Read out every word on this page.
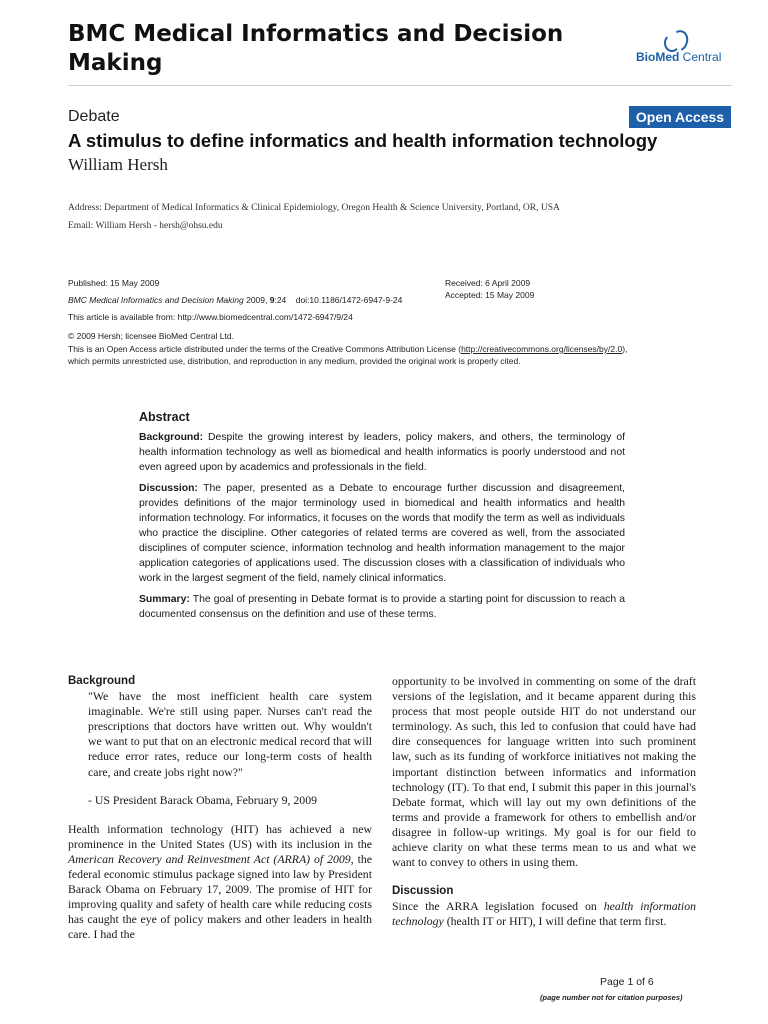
BMC Medical Informatics and Decision Making	BioMed Central
Debate	Open Access
A stimulus to define informatics and health information technology
William Hersh
Address: Department of Medical Informatics & Clinical Epidemiology, Oregon Health & Science University, Portland, OR, USA
Email: William Hersh - hersh@ohsu.edu
Published: 15 May 2009
BMC Medical Informatics and Decision Making 2009, 9:24    doi:10.1186/1472-6947-9-24
Received: 6 April 2009
Accepted: 15 May 2009
This article is available from: http://www.biomedcentral.com/1472-6947/9/24
© 2009 Hersh; licensee BioMed Central Ltd.
This is an Open Access article distributed under the terms of the Creative Commons Attribution License (http://creativecommons.org/licenses/by/2.0),
which permits unrestricted use, distribution, and reproduction in any medium, provided the original work is properly cited.
Abstract

Background: Despite the growing interest by leaders, policy makers, and others, the terminology of health information technology as well as biomedical and health informatics is poorly understood and not even agreed upon by academics and professionals in the field.

Discussion: The paper, presented as a Debate to encourage further discussion and disagreement, provides definitions of the major terminology used in biomedical and health informatics and health information technology. For informatics, it focuses on the words that modify the term as well as individuals who practice the discipline. Other categories of related terms are covered as well, from the associated disciplines of computer science, information technolog and health information management to the major application categories of applications used. The discussion closes with a classification of individuals who work in the largest segment of the field, namely clinical informatics.

Summary: The goal of presenting in Debate format is to provide a starting point for discussion to reach a documented consensus on the definition and use of these terms.

Background

"We have the most inefficient health care system imaginable. We're still using paper. Nurses can't read the prescriptions that doctors have written out. Why wouldn't we want to put that on an electronic medical record that will reduce error rates, reduce our long-term costs of health care, and create jobs right now?"

- US President Barack Obama, February 9, 2009

Health information technology (HIT) has achieved a new prominence in the United States (US) with its inclusion in the American Recovery and Reinvestment Act (ARRA) of 2009, the federal economic stimulus package signed into law by President Barack Obama on February 17, 2009. The promise of HIT for improving quality and safety of health care while reducing costs has caught the eye of policy makers and other leaders in health care. I had the

opportunity to be involved in commenting on some of the draft versions of the legislation, and it became apparent during this process that most people outside HIT do not understand our terminology. As such, this led to confusion that could have had dire consequences for language written into such prominent law, such as its funding of workforce initiatives not making the important distinction between informatics and information technology (IT). To that end, I submit this paper in this journal's Debate format, which will lay out my own definitions of the terms and provide a framework for others to embellish and/or disagree in follow-up writings. My goal is for our field to achieve clarity on what these terms mean to us and what we want to convey to others in using them.

Discussion

Since the ARRA legislation focused on health information technology (health IT or HIT), I will define that term first.

Page 1 of 6
(page number not for citation purposes)
